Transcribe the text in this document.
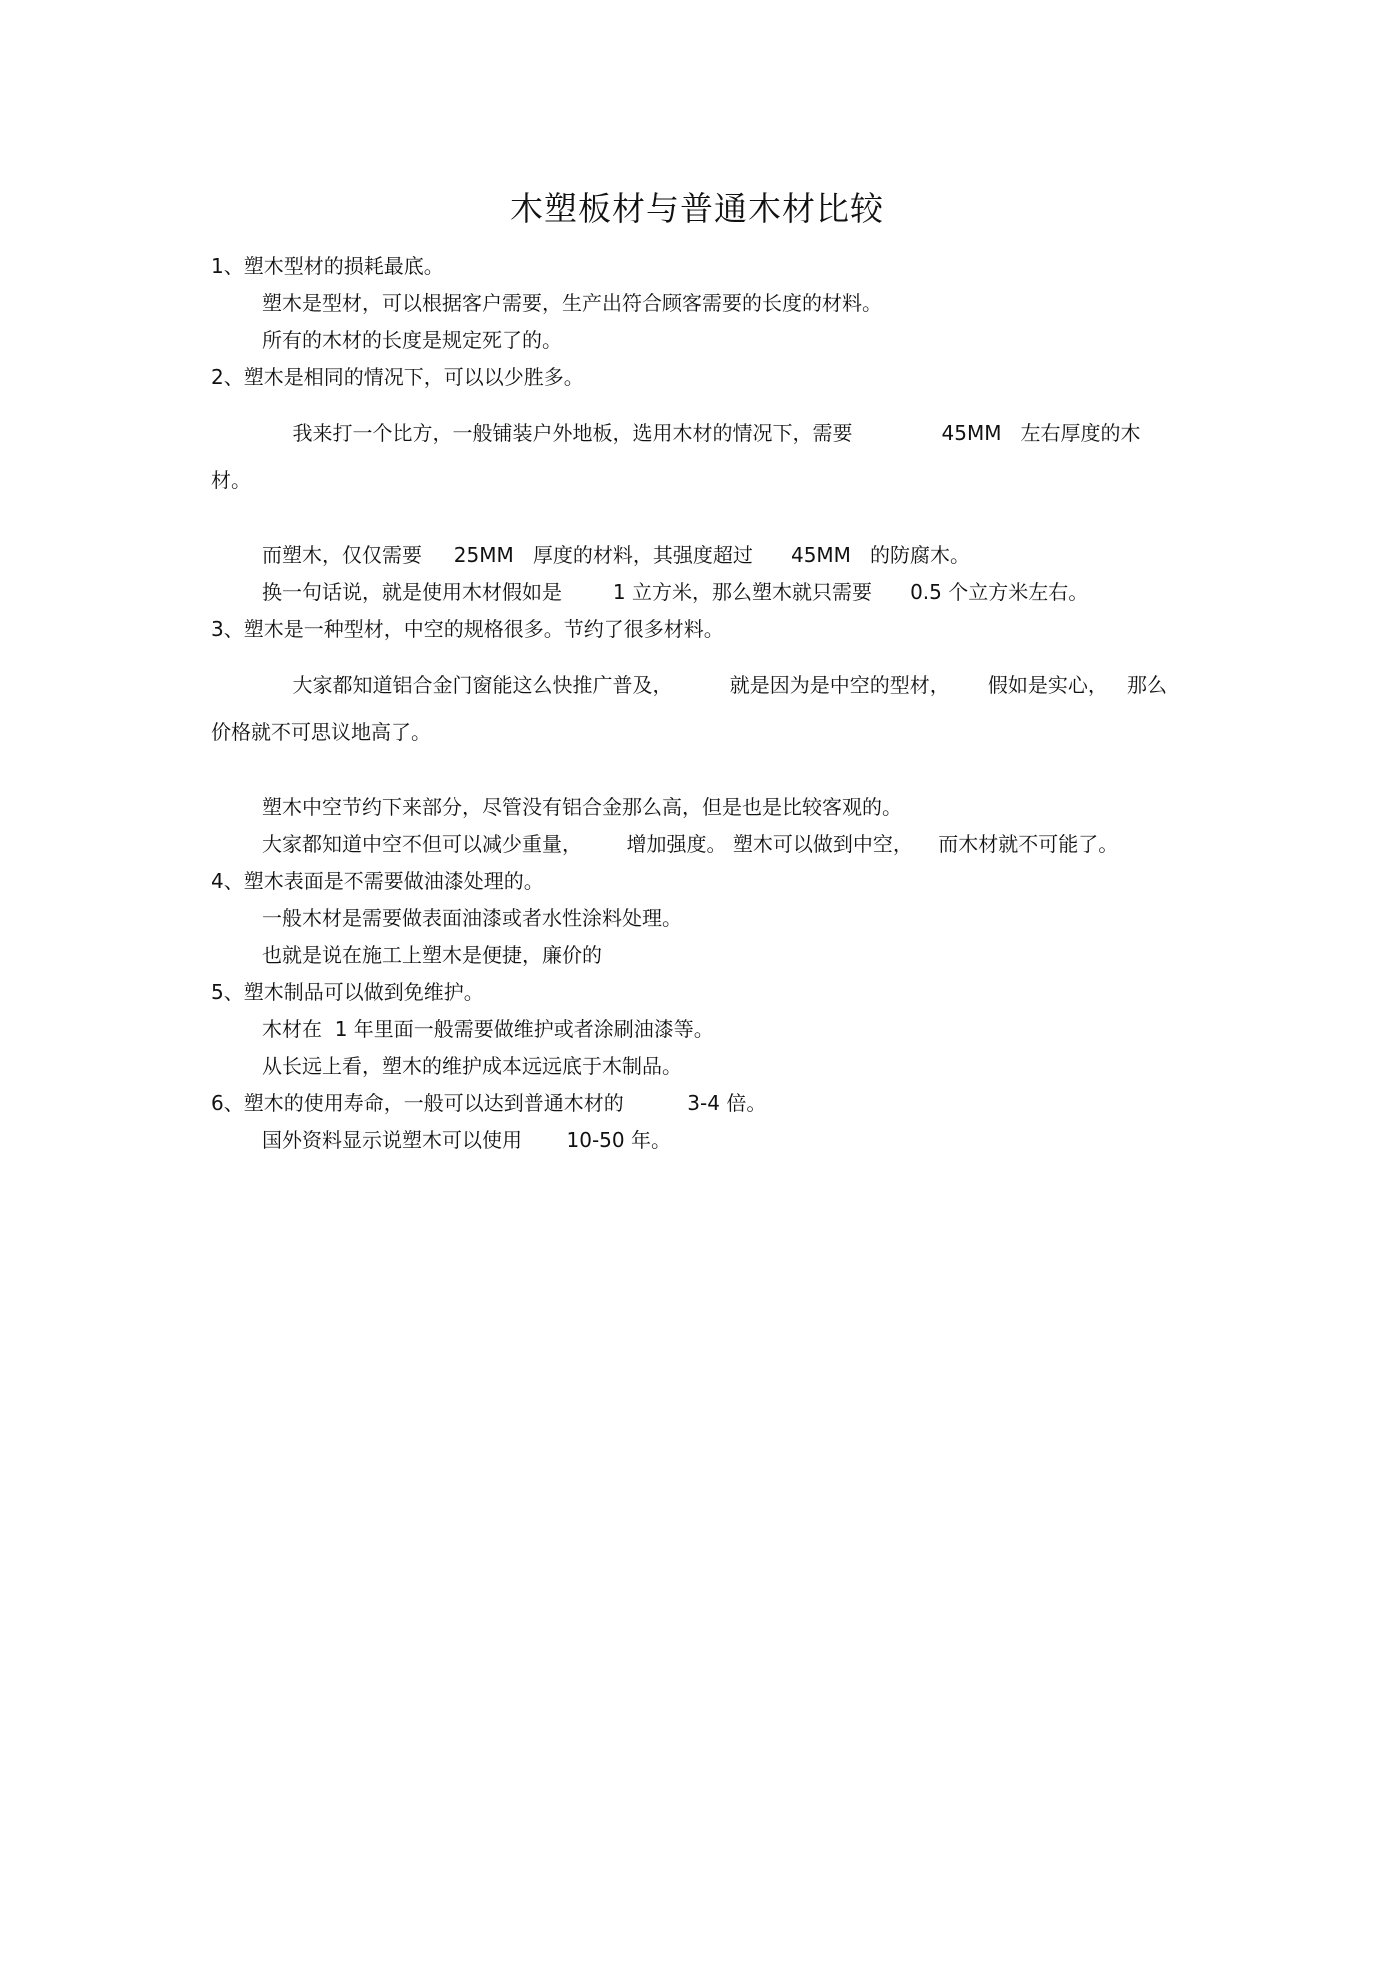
木塑板材与普通木材比较

1、塑木型材的损耗最底。

塑木是型材，可以根据客户需要，生产出符合顾客需要的长度的材料。

所有的木材的长度是规定死了的。

2、塑木是相同的情况下，可以以少胜多。

我来打一个比方，一般铺装户外地板，选用木材的情况下，需要              45MM   左右厚度的木

材。

而塑木，仅仅需要     25MM   厚度的材料，其强度超过      45MM   的防腐木。

换一句话说，就是使用木材假如是        1 立方米，那么塑木就只需要      0.5 个立方米左右。

3、塑木是一种型材，中空的规格很多。节约了很多材料。

大家都知道铝合金门窗能这么快推广普及，         就是因为是中空的型材，      假如是实心，   那么

价格就不可思议地高了。

塑木中空节约下来部分，尽管没有铝合金那么高，但是也是比较客观的。

大家都知道中空不但可以减少重量，       增加强度。 塑木可以做到中空，    而木材就不可能了。

4、塑木表面是不需要做油漆处理的。

一般木材是需要做表面油漆或者水性涂料处理。

也就是说在施工上塑木是便捷，廉价的

5、塑木制品可以做到免维护。

木材在  1 年里面一般需要做维护或者涂刷油漆等。

从长远上看，塑木的维护成本远远底于木制品。

6、塑木的使用寿命，一般可以达到普通木材的          3-4 倍。

国外资料显示说塑木可以使用       10-50 年。
